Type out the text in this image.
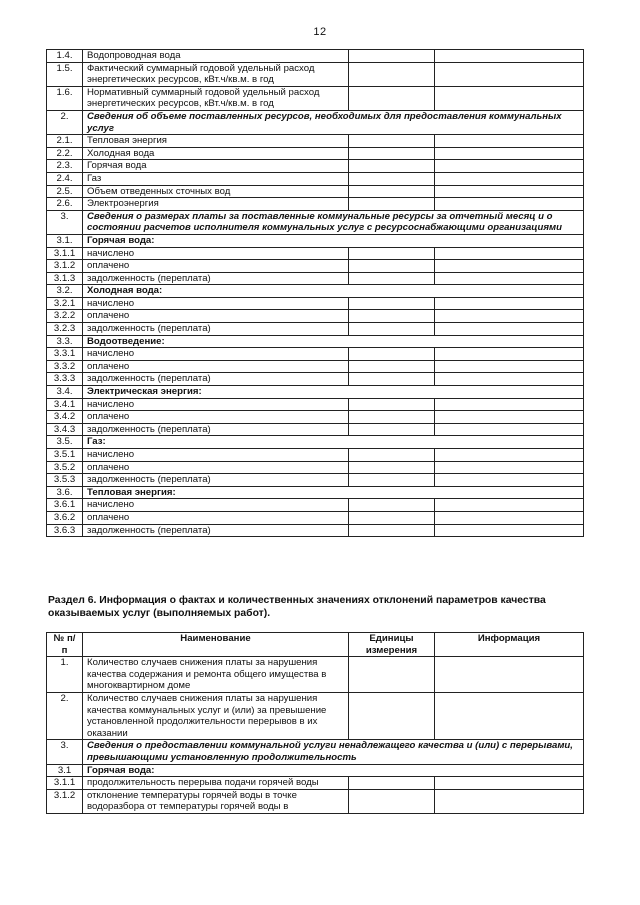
12
1.4.	Водопроводная вода		
1.5.	Фактический суммарный годовой удельный расход энергетических ресурсов, кВт.ч/кв.м. в год		
1.6.	Нормативный суммарный годовой удельный расход энергетических ресурсов, кВт.ч/кв.м. в год		
2.	Сведения об объеме поставленных ресурсов, необходимых для предоставления коммунальных услуг		
2.1.	Тепловая энергия		
2.2.	Холодная вода		
2.3.	Горячая вода		
2.4.	Газ		
2.5.	Объем отведенных сточных вод		
2.6.	Электроэнергия		
3.	Сведения о размерах платы за поставленные коммунальные ресурсы за отчетный месяц и о состоянии расчетов исполнителя коммунальных услуг с ресурсоснабжающими организациями		
3.1.	Горячая вода:		
3.1.1	начислено		
3.1.2	оплачено		
3.1.3	задолженность (переплата)		
3.2.	Холодная вода:		
3.2.1	начислено		
3.2.2	оплачено		
3.2.3	задолженность (переплата)		
3.3.	Водоотведение:		
3.3.1	начислено		
3.3.2	оплачено		
3.3.3	задолженность (переплата)		
3.4.	Электрическая энергия:		
3.4.1	начислено		
3.4.2	оплачено		
3.4.3	задолженность (переплата)		
3.5.	Газ:		
3.5.1	начислено		
3.5.2	оплачено		
3.5.3	задолженность (переплата)		
3.6.	Тепловая энергия:		
3.6.1	начислено		
3.6.2	оплачено		
3.6.3	задолженность (переплата)		
Раздел 6. Информация о фактах и количественных значениях отклонений параметров качества оказываемых услуг (выполняемых работ).
№ п/п	Наименование	Единицы измерения	Информация
1.	Количество случаев снижения платы за нарушения качества содержания и ремонта общего имущества в многоквартирном доме		
2.	Количество случаев снижения платы за нарушения качества коммунальных услуг и (или) за превышение установленной продолжительности перерывов в их оказании		
3.	Сведения о предоставлении коммунальной услуги ненадлежащего качества и (или) с перерывами, превышающими установленную продолжительность		
3.1	Горячая вода:		
3.1.1	продолжительность перерыва подачи горячей воды		
3.1.2	отклонение температуры горячей воды в точке водоразбора от температуры горячей воды в		
